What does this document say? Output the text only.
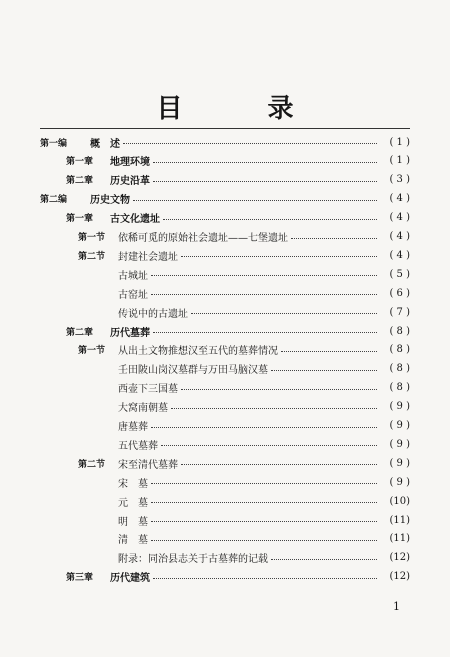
目 录
第一编	概　述	( 1 )
第一章	地理环境	( 1 )
第二章	历史沿革	( 3 )
第二编	历史文物	( 4 )
第一章	古文化遗址	( 4 )
第一节	依稀可觅的原始社会遗址——七堡遗址	( 4 )
第二节	封建社会遗址	( 4 )
古城址	( 5 )
古窑址	( 6 )
传说中的古遗址	( 7 )
第二章	历代墓葬	( 8 )
第一节	从出土文物推想汉至五代的墓葬情况	( 8 )
壬田陂山岗汉墓群与万田马脑汉墓	( 8 )
西壶下三国墓	( 8 )
大窝南朝墓	( 9 )
唐墓葬	( 9 )
五代墓葬	( 9 )
第二节	宋至清代墓葬	( 9 )
宋　墓	( 9 )
元　墓	(10)
明　墓	(11)
清　墓	(11)
附录：同治县志关于古墓葬的记载	(12)
第三章	历代建筑	(12)
1
